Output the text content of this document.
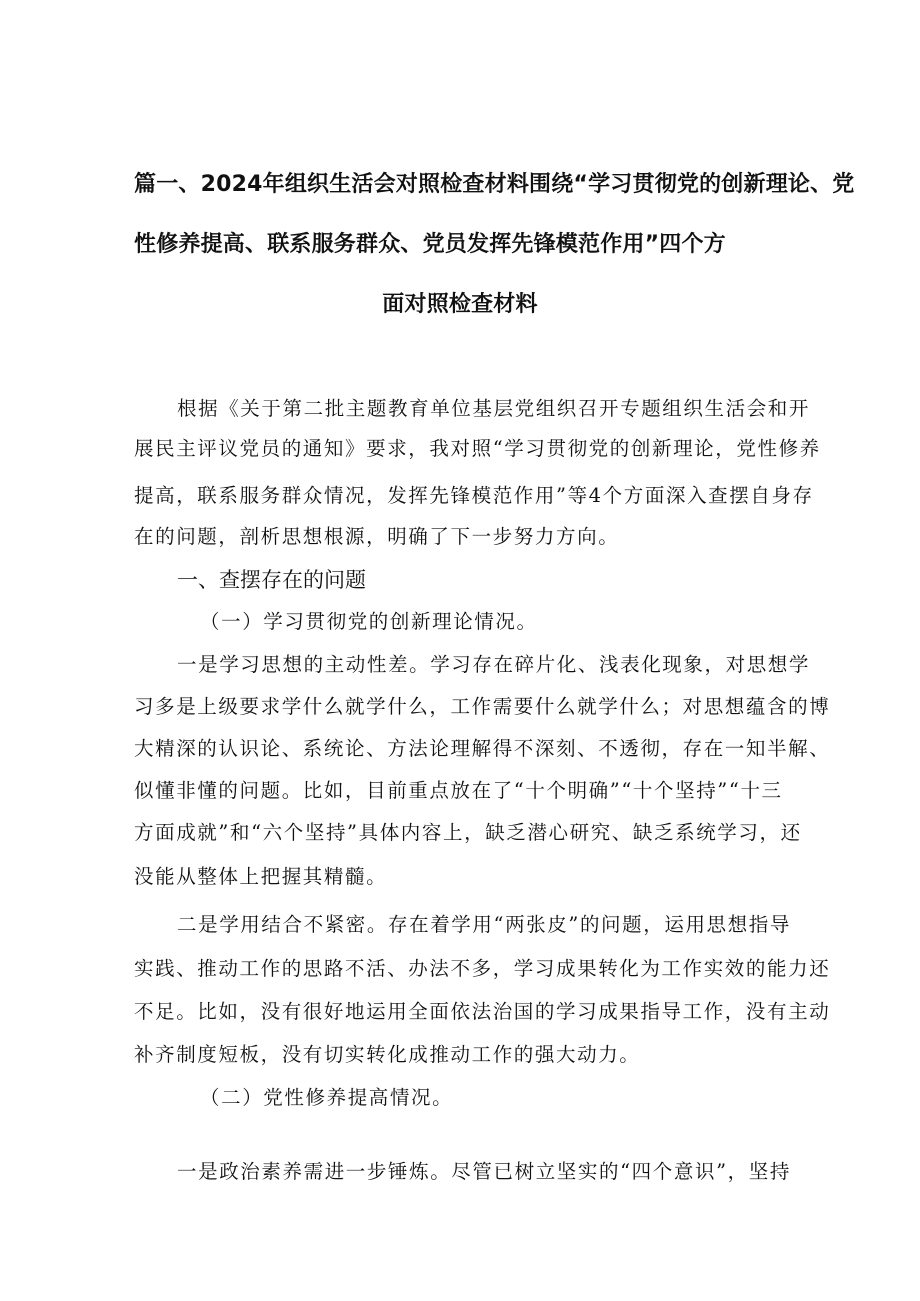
篇一、2024年组织生活会对照检查材料围绕“学习贯彻党的创新理论、党
性修养提高、联系服务群众、党员发挥先锋模范作用”四个方
面对照检查材料
根据《关于第二批主题教育单位基层党组织召开专题组织生活会和开
展民主评议党员的通知》要求，我对照“学习贯彻党的创新理论，党性修养
提高，联系服务群众情况，发挥先锋模范作用”等4个方面深入查摆自身存
在的问题，剖析思想根源，明确了下一步努力方向。
一、查摆存在的问题
（一）学习贯彻党的创新理论情况。
一是学习思想的主动性差。学习存在碎片化、浅表化现象，对思想学
习多是上级要求学什么就学什么，工作需要什么就学什么；对思想蕴含的博
大精深的认识论、系统论、方法论理解得不深刻、不透彻，存在一知半解、
似懂非懂的问题。比如，目前重点放在了“十个明确”“十个坚持”“十三
方面成就”和“六个坚持”具体内容上，缺乏潜心研究、缺乏系统学习，还
没能从整体上把握其精髓。
二是学用结合不紧密。存在着学用“两张皮”的问题，运用思想指导
实践、推动工作的思路不活、办法不多，学习成果转化为工作实效的能力还
不足。比如，没有很好地运用全面依法治国的学习成果指导工作，没有主动
补齐制度短板，没有切实转化成推动工作的强大动力。
（二）党性修养提高情况。
一是政治素养需进一步锤炼。尽管已树立坚实的“四个意识”，坚持
